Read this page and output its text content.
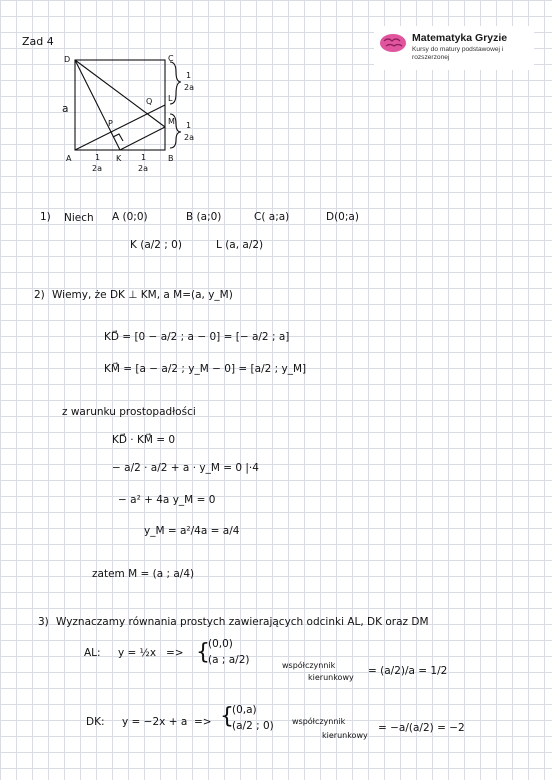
Matematyka Gryzie
Kursy do matury podstawowej i rozszerzonej
Zad 4
D	C
A	B
K
L
M
P
Q
a
1
2a
1
2a
1
2a
1
2a
1) Niech A (0;0)	B (a;0)	C( a;a)	D(0;a)
K (a/2 ; 0)	L (a, a/2)
2) Wiemy, że DK ⊥ KM, a M=(a, y_M)
KD⃗ = [0 − a/2 ; a − 0] = [− a/2 ; a]
KM⃗ = [a − a/2 ; y_M − 0] = [a/2 ; y_M]
z warunku prostopadłości
KD⃗ · KM⃗ = 0
− a/2 · a/2 + a · y_M = 0 |·4
− a² + 4a y_M = 0
y_M = a²/4a = a/4
zatem M = (a ; a/4)
3) Wyznaczamy równania prostych zawierających odcinki AL, DK oraz DM
AL: y = ½x => {
(0,0)
(a ; a/2)	współczynnik
kierunkowy
= (a/2)/a = 1/2
DK: y = −2x + a => {
(0,a)
(a/2 ; 0) współczynnik
kierunkowy
= −a/(a/2) = −2
